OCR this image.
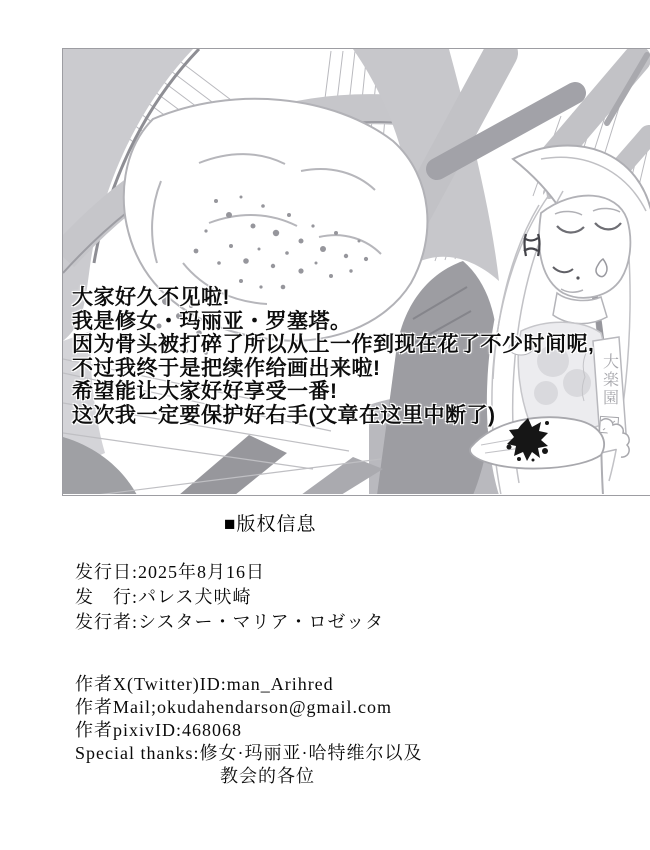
大楽園
大家好久不见啦!
我是修女・玛丽亚・罗塞塔。
因为骨头被打碎了所以从上一作到现在花了不少时间呢,
不过我终于是把续作给画出来啦!
希望能让大家好好享受一番!
这次我一定要保护好右手(文章在这里中断了)
■版权信息
发行日:2025年8月16日
发　行:パレス犬吠崎
发行者:シスター・マリア・ロゼッタ
作者X(Twitter)ID:man_Arihred
作者Mail;okudahendarson@gmail.com
作者pixivID:468068
Special thanks:修女·玛丽亚·哈特维尔以及
教会的各位
